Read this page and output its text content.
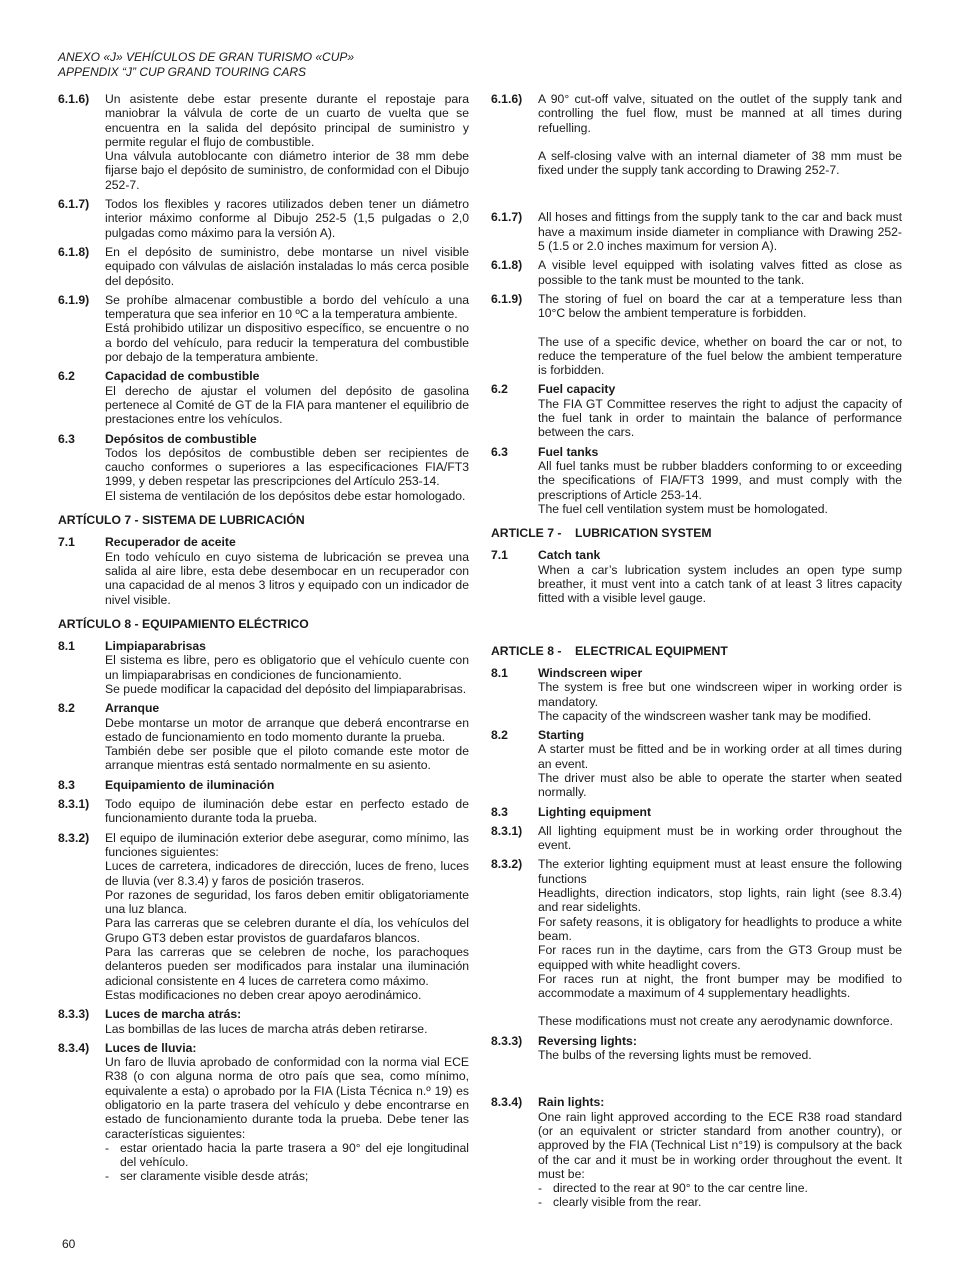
ANEXO «J» VEHÍCULOS DE GRAN TURISMO «CUP»
APPENDIX “J” CUP GRAND TOURING CARS
6.1.6)	Un asistente debe estar presente durante el repostaje para maniobrar la válvula de corte de un cuarto de vuelta que se encuentra en la salida del depósito principal de suministro y permite regular el flujo de combustible.

Una válvula autoblocante con diámetro interior de 38 mm debe fijarse bajo el depósito de suministro, de conformidad con el Dibujo 252-7.

6.1.7)	Todos los flexibles y racores utilizados deben tener un diámetro interior máximo conforme al Dibujo 252-5 (1,5 pulgadas o 2,0 pulgadas como máximo para la versión A).

6.1.8)	En el depósito de suministro, debe montarse un nivel visible equipado con válvulas de aislación instaladas lo más cerca posible del depósito.

6.1.9)	Se prohíbe almacenar combustible a bordo del vehículo a una temperatura que sea inferior en 10 ºC a la temperatura ambiente.

Está prohibido utilizar un dispositivo específico, se encuentre o no a bordo del vehículo, para reducir la temperatura del combustible por debajo de la temperatura ambiente.

6.2	Capacidad de combustible

El derecho de ajustar el volumen del depósito de gasolina pertenece al Comité de GT de la FIA para mantener el equilibrio de prestaciones entre los vehículos.

6.3	Depósitos de combustible

Todos los depósitos de combustible deben ser recipientes de caucho conformes o superiores a las especificaciones FIA/FT3 1999, y deben respetar las prescripciones del Artículo 253-14.

El sistema de ventilación de los depósitos debe estar homologado.

ARTÍCULO 7 - SISTEMA DE LUBRICACIÓN
7.1	Recuperador de aceite

En todo vehículo en cuyo sistema de lubricación se prevea una salida al aire libre, esta debe desembocar en un recuperador con una capacidad de al menos 3 litros y equipado con un indicador de nivel visible.

ARTÍCULO 8 - EQUIPAMIENTO ELÉCTRICO
8.1	Limpiaparabrisas

El sistema es libre, pero es obligatorio que el vehículo cuente con un limpiaparabrisas en condiciones de funcionamiento.

Se puede modificar la capacidad del depósito del limpiaparabrisas.

8.2	Arranque

Debe montarse un motor de arranque que deberá encontrarse en estado de funcionamiento en todo momento durante la prueba.

También debe ser posible que el piloto comande este motor de arranque mientras está sentado normalmente en su asiento.

8.3	Equipamiento de iluminación
8.3.1)	Todo equipo de iluminación debe estar en perfecto estado de funcionamiento durante toda la prueba.

8.3.2)	El equipo de iluminación exterior debe asegurar, como mínimo, las funciones siguientes:

Luces de carretera, indicadores de dirección, luces de freno, luces de lluvia (ver 8.3.4) y faros de posición traseros.

Por razones de seguridad, los faros deben emitir obligatoriamente una luz blanca.

Para las carreras que se celebren durante el día, los vehículos del Grupo GT3 deben estar provistos de guardafaros blancos.

Para las carreras que se celebren de noche, los parachoques delanteros pueden ser modificados para instalar una iluminación adicional consistente en 4 luces de carretera como máximo.

Estas modificaciones no deben crear apoyo aerodinámico.

8.3.3)	Luces de marcha atrás:

Las bombillas de las luces de marcha atrás deben retirarse.

8.3.4)	Luces de lluvia:

Un faro de lluvia aprobado de conformidad con la norma vial ECE R38 (o con alguna norma de otro país que sea, como mínimo, equivalente a esta) o aprobado por la FIA (Lista Técnica n.º 19) es obligatorio en la parte trasera del vehículo y debe encontrarse en estado de funcionamiento durante toda la prueba. Debe tener las características siguientes:

- estar orientado hacia la parte trasera a 90° del eje longitudinal del vehículo.
- ser claramente visible desde atrás;
6.1.6)	A 90° cut-off valve, situated on the outlet of the supply tank and controlling the fuel flow, must be manned at all times during refuelling.

A self-closing valve with an internal diameter of 38 mm must be fixed under the supply tank according to Drawing 252-7.

6.1.7)	All hoses and fittings from the supply tank to the car and back must have a maximum inside diameter in compliance with Drawing 252-5 (1.5 or 2.0 inches maximum for version A).

6.1.8)	A visible level equipped with isolating valves fitted as close as possible to the tank must be mounted to the tank.

6.1.9)	The storing of fuel on board the car at a temperature less than 10°C below the ambient temperature is forbidden.

The use of a specific device, whether on board the car or not, to reduce the temperature of the fuel below the ambient temperature is forbidden.

6.2	Fuel capacity

The FIA GT Committee reserves the right to adjust the capacity of the fuel tank in order to maintain the balance of performance between the cars.

6.3	Fuel tanks

All fuel tanks must be rubber bladders conforming to or exceeding the specifications of FIA/FT3 1999, and must comply with the prescriptions of Article 253-14.

The fuel cell ventilation system must be homologated.

ARTICLE 7 -    LUBRICATION SYSTEM
7.1	Catch tank

When a car’s lubrication system includes an open type sump breather, it must vent into a catch tank of at least 3 litres capacity fitted with a visible level gauge.

ARTICLE 8 -    ELECTRICAL EQUIPMENT
8.1	Windscreen wiper

The system is free but one windscreen wiper in working order is mandatory.

The capacity of the windscreen washer tank may be modified.

8.2	Starting

A starter must be fitted and be in working order at all times during an event.

The driver must also be able to operate the starter when seated normally.

8.3	Lighting equipment
8.3.1)	All lighting equipment must be in working order throughout the event.

8.3.2)	The exterior lighting equipment must at least ensure the following functions

Headlights, direction indicators, stop lights, rain light (see 8.3.4) and rear sidelights.

For safety reasons, it is obligatory for headlights to produce a white beam.

For races run in the daytime, cars from the GT3 Group must be equipped with white headlight covers.

For races run at night, the front bumper may be modified to accommodate a maximum of 4 supplementary headlights.

These modifications must not create any aerodynamic downforce.

8.3.3)	Reversing lights:

The bulbs of the reversing lights must be removed.

8.3.4)	Rain lights:

One rain light approved according to the ECE R38 road standard (or an equivalent or stricter standard from another country), or approved by the FIA (Technical List n°19) is compulsory at the back of the car and it must be in working order throughout the event. It must be:

- directed to the rear at 90° to the car centre line.
- clearly visible from the rear.
60
